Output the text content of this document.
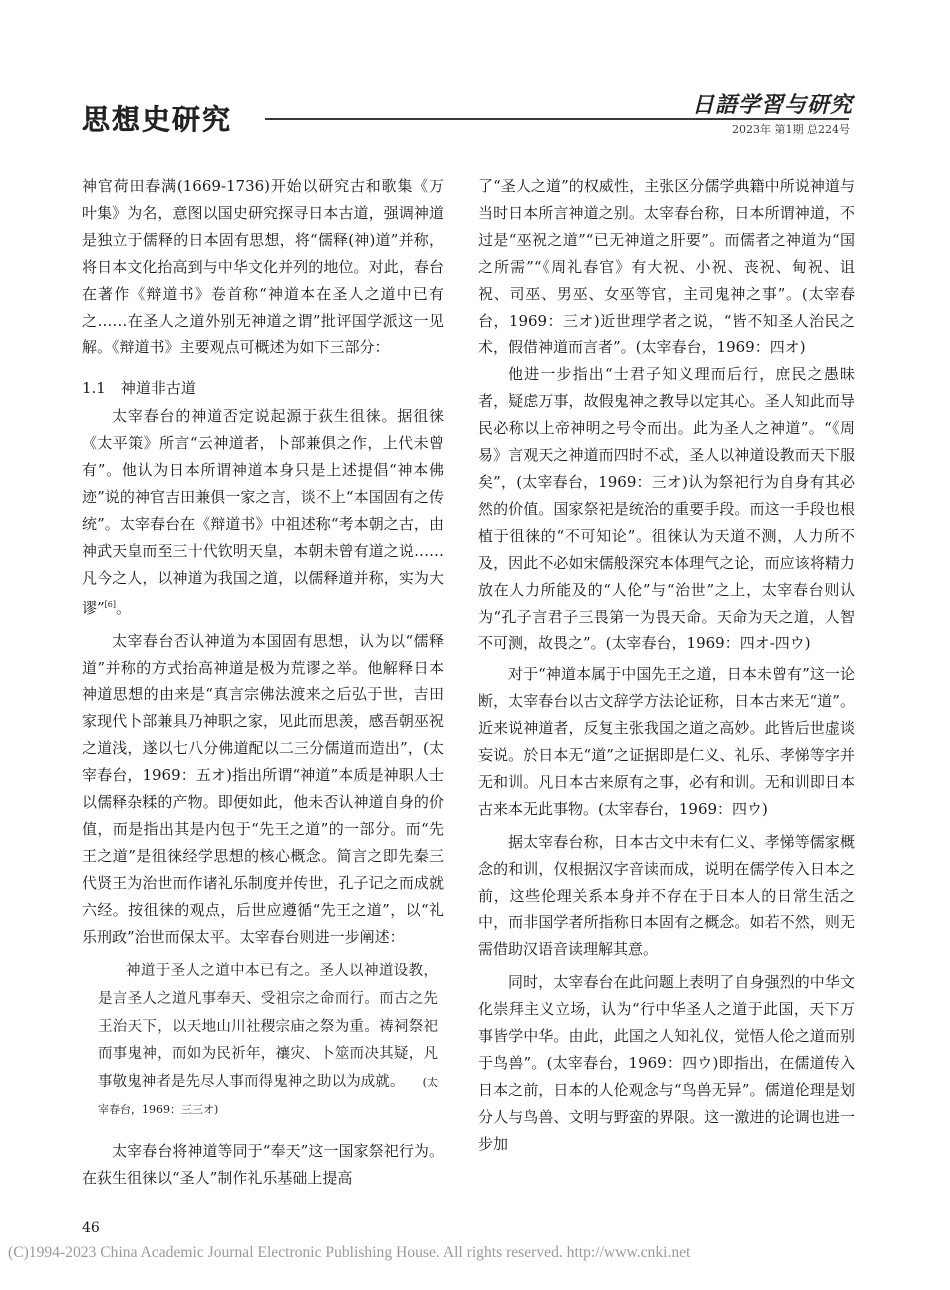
思想史研究	日語学習与研究
2023年 第1期 总224号

神官荷田春满(1669-1736)开始以研究古和歌集《万叶集》为名，意图以国史研究探寻日本古道，强调神道是独立于儒释的日本固有思想，将“儒释(神)道”并称，将日本文化抬高到与中华文化并列的地位。对此，春台在著作《辩道书》卷首称“神道本在圣人之道中已有之……在圣人之道外别无神道之谓”批评国学派这一见解。《辩道书》主要观点可概述为如下三部分：

1.1　神道非古道

太宰春台的神道否定说起源于荻生徂徕。据徂徕《太平策》所言“云神道者，卜部兼俱之作，上代未曾有”。他认为日本所谓神道本身只是上述提倡“神本佛迹”说的神官吉田兼俱一家之言，谈不上“本国固有之传统”。太宰春台在《辩道书》中祖述称“考本朝之古，由神武天皇而至三十代钦明天皇，本朝未曾有道之说……凡今之人，以神道为我国之道，以儒释道并称，实为大谬”[6]。

太宰春台否认神道为本国固有思想，认为以“儒释道”并称的方式抬高神道是极为荒谬之举。他解释日本神道思想的由来是“真言宗佛法渡来之后弘于世，吉田家现代卜部兼具乃神职之家，见此而思羡，感吾朝巫祝之道浅，遂以七八分佛道配以二三分儒道而造出”，(太宰春台，1969：五オ)指出所谓“神道”本质是神职人士以儒释杂糅的产物。即便如此，他未否认神道自身的价值，而是指出其是内包于“先王之道”的一部分。而“先王之道”是徂徕经学思想的核心概念。简言之即先秦三代贤王为治世而作诸礼乐制度并传世，孔子记之而成就六经。按徂徕的观点，后世应遵循“先王之道”，以“礼乐刑政”治世而保太平。太宰春台则进一步阐述：

神道于圣人之道中本已有之。圣人以神道设教，是言圣人之道凡事奉天、受祖宗之命而行。而古之先王治天下，以天地山川社稷宗庙之祭为重。祷祠祭祀而事鬼神，而如为民祈年，禳灾、卜筮而决其疑，凡事敬鬼神者是先尽人事而得鬼神之助以为成就。 (太宰春台，1969：三三オ)

太宰春台将神道等同于“奉天”这一国家祭祀行为。在荻生徂徕以“圣人”制作礼乐基础上提高

了“圣人之道”的权威性，主张区分儒学典籍中所说神道与当时日本所言神道之别。太宰春台称，日本所谓神道，不过是“巫祝之道”“已无神道之肝要”。而儒者之神道为“国之所需”“《周礼春官》有大祝、小祝、丧祝、甸祝、诅祝、司巫、男巫、女巫等官，主司鬼神之事”。(太宰春台，1969：三オ)近世理学者之说，“皆不知圣人治民之术，假借神道而言者”。(太宰春台，1969：四オ)

他进一步指出“士君子知义理而后行，庶民之愚昧者，疑虑万事，故假鬼神之教导以定其心。圣人知此而导民必称以上帝神明之号令而出。此为圣人之神道”。“《周易》言观天之神道而四时不忒，圣人以神道设教而天下服矣”，(太宰春台，1969：三オ)认为祭祀行为自身有其必然的价值。国家祭祀是统治的重要手段。而这一手段也根植于徂徕的“不可知论”。徂徕认为天道不测，人力所不及，因此不必如宋儒般深究本体理气之论，而应该将精力放在人力所能及的“人伦”与“治世”之上，太宰春台则认为“孔子言君子三畏第一为畏天命。天命为天之道，人智不可测，故畏之”。(太宰春台，1969：四オ-四ウ)

对于“神道本属于中国先王之道，日本未曾有”这一论断，太宰春台以古文辞学方法论证称，日本古来无“道”。近来说神道者，反复主张我国之道之高妙。此皆后世虚谈妄说。於日本无“道”之证据即是仁义、礼乐、孝悌等字并无和训。凡日本古来原有之事，必有和训。无和训即日本古来本无此事物。(太宰春台，1969：四ウ)

据太宰春台称，日本古文中未有仁义、孝悌等儒家概念的和训，仅根据汉字音读而成，说明在儒学传入日本之前，这些伦理关系本身并不存在于日本人的日常生活之中，而非国学者所指称日本固有之概念。如若不然，则无需借助汉语音读理解其意。

同时，太宰春台在此问题上表明了自身强烈的中华文化崇拜主义立场，认为“行中华圣人之道于此国，天下万事皆学中华。由此，此国之人知礼仪，觉悟人伦之道而别于鸟兽”。(太宰春台，1969：四ウ)即指出，在儒道传入日本之前，日本的人伦观念与“鸟兽无异”。儒道伦理是划分人与鸟兽、文明与野蛮的界限。这一激进的论调也进一步加

46

(C)1994-2023 China Academic Journal Electronic Publishing House. All rights reserved. http://www.cnki.net
